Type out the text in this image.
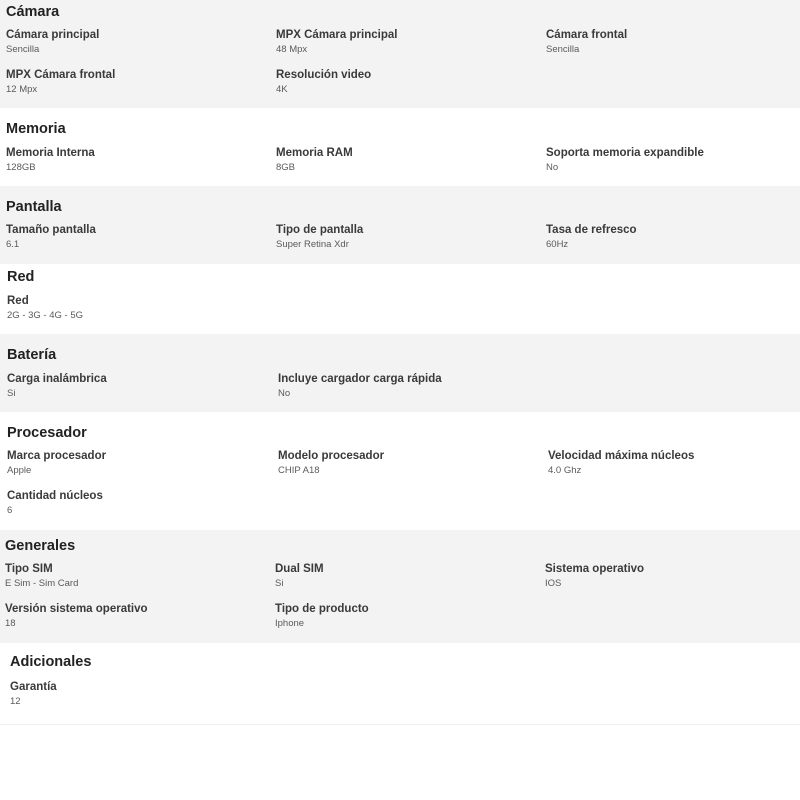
Cámara
Cámara principal
Sencilla
MPX Cámara principal
48 Mpx
Cámara frontal
Sencilla
MPX Cámara frontal
12 Mpx
Resolución video
4K
Memoria
Memoria Interna
128GB
Memoria RAM
8GB
Soporta memoria expandible
No
Pantalla
Tamaño pantalla
6.1
Tipo de pantalla
Super Retina Xdr
Tasa de refresco
60Hz
Red
Red
2G - 3G - 4G - 5G
Batería
Carga inalámbrica
Si
Incluye cargador carga rápida
No
Procesador
Marca procesador
Apple
Modelo procesador
CHIP A18
Velocidad máxima núcleos
4.0 Ghz
Cantidad núcleos
6
Generales
Tipo SIM
E Sim - Sim Card
Dual SIM
Si
Sistema operativo
IOS
Versión sistema operativo
18
Tipo de producto
Iphone
Adicionales
Garantía
12
